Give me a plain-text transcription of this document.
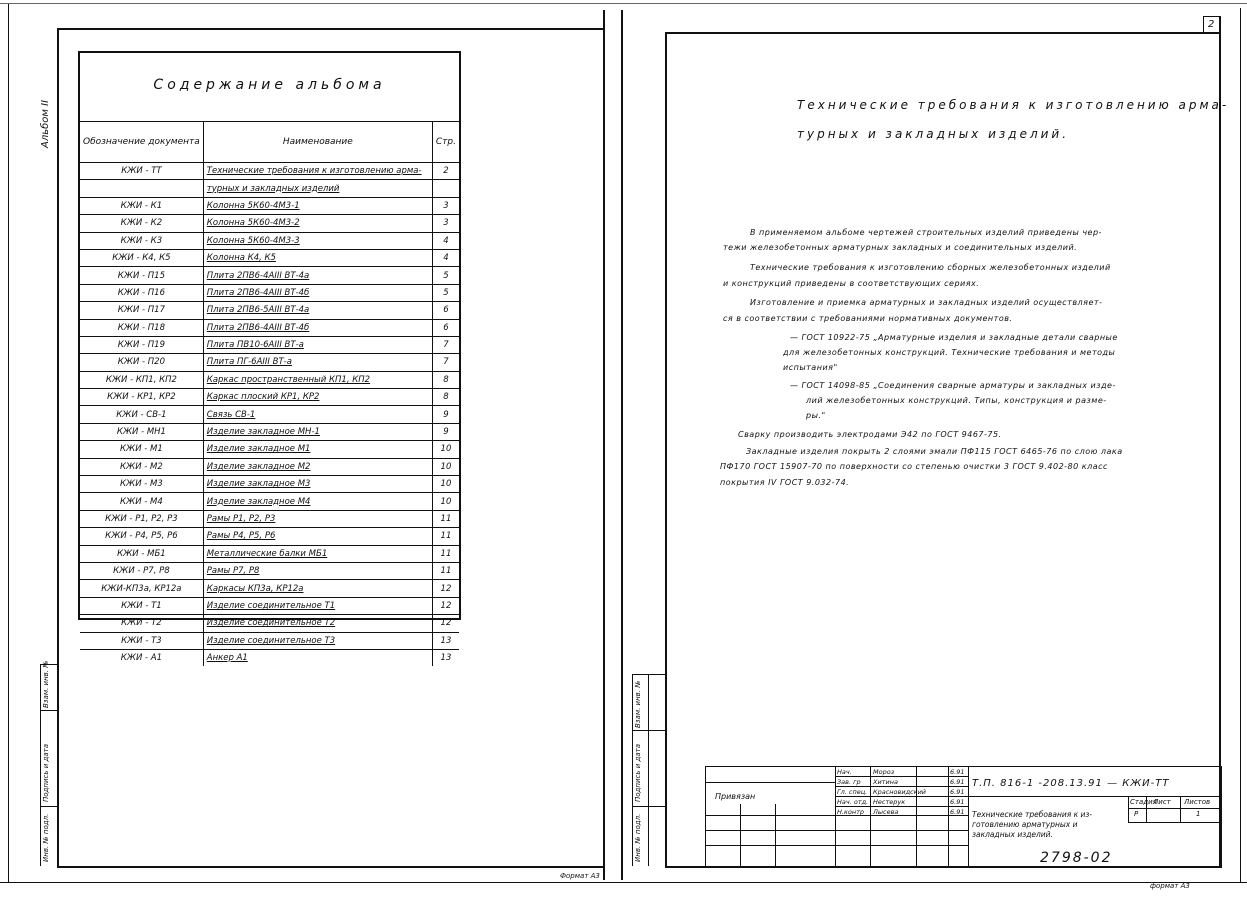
Альбом II
Взам. инв. №
Подпись и дата
Инв. № подл.
Содержание альбома
Обозначение документа	Наименование	Стр.
КЖИ - ТТ	Технические требования к изготовлению арма-	2
	турных и закладных изделий	
КЖИ - К1	Колонна 5К60-4М3-1	3
КЖИ - К2	Колонна 5К60-4М3-2	3
КЖИ - К3	Колонна 5К60-4М3-3	4
КЖИ - К4, К5	Колонна К4, К5	4
КЖИ - П15	Плита 2ПВ6-4АIII ВТ-4а	5
КЖИ - П16	Плита 2ПВ6-4АIII ВТ-4б	5
КЖИ - П17	Плита 2ПВ6-5АIII ВТ-4а	6
КЖИ - П18	Плита 2ПВ6-4АIII ВТ-4б	6
КЖИ - П19	Плита ПВ10-6АIII ВТ-а	7
КЖИ - П20	Плита ПГ-6АIII ВТ-а	7
КЖИ - КП1, КП2	Каркас пространственный КП1, КП2	8
КЖИ - КР1, КР2	Каркас плоский КР1, КР2	8
КЖИ - СВ-1	Связь СВ-1	9
КЖИ - МН1	Изделие закладное МН-1	9
КЖИ - М1	Изделие закладное М1	10
КЖИ - М2	Изделие закладное М2	10
КЖИ - М3	Изделие закладное М3	10
КЖИ - М4	Изделие закладное М4	10
КЖИ - Р1, Р2, Р3	Рамы Р1, Р2, Р3	11
КЖИ - Р4, Р5, Р6	Рамы Р4, Р5, Р6	11
КЖИ - МБ1	Металлические балки МБ1	11
КЖИ - Р7, Р8	Рамы Р7, Р8	11
КЖИ-КП3а, КР12а	Каркасы КП3а, КР12а	12
КЖИ - Т1	Изделие соединительное Т1	12
КЖИ - Т2	Изделие соединительное Т2	12
КЖИ - Т3	Изделие соединительное Т3	13
КЖИ - А1	Анкер А1	13
Формат А3
2
Взам. инв. №
Подпись и дата
Инв. № подл.
Технические требования к изготовлению арма-
турных и закладных изделий.
В применяемом альбоме чертежей строительных изделий приведены чер-
тежи железобетонных арматурных закладных и соединительных изделий.
Технические требования к изготовлению сборных железобетонных изделий
и конструкций приведены в соответствующих сериях.
Изготовление и приемка арматурных и закладных изделий осуществляет-
ся в соответствии с требованиями нормативных документов.
— ГОСТ 10922-75 „Арматурные изделия и закладные детали сварные
для железобетонных конструкций. Технические требования и методы
испытания"
— ГОСТ 14098-85 „Соединения сварные арматуры и закладных изде-
лий железобетонных конструкций. Типы, конструкция и разме-
ры."
Сварку производить электродами Э42 по ГОСТ 9467-75.
Закладные изделия покрыть 2 слоями эмали ПФ115 ГОСТ 6465-76 по слою лака
ПФ170 ГОСТ 15907-70 по поверхности со степенью очистки 3 ГОСТ 9.402-80 класс
покрытия IV ГОСТ 9.032-74.
Привязан
Нач.	Мороз	6.91
Зав. гр Хитина	6.91
Гл. спец. Красновидский	6.91
Нач. отд. Нестерук	6.91
Н.контр Лысева	6.91
Т.П. 816-1 -208.13.91 — КЖИ-ТТ
Технические требования к из-готовлению арматурных и закладных изделий.
Стадия
Лист Листов
Р	1
2798-02
формат А3
